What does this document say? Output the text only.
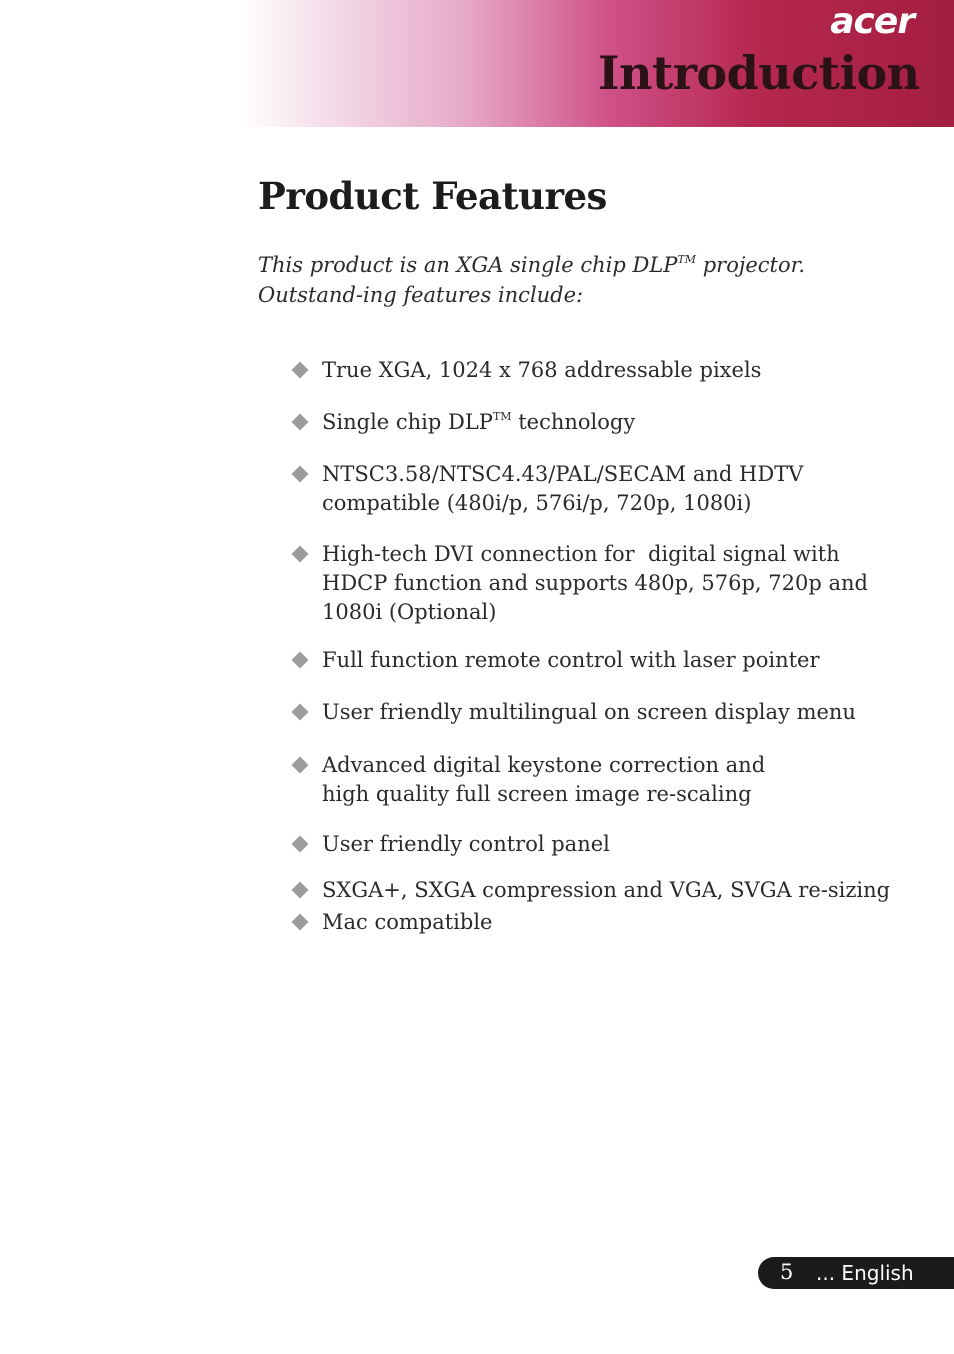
acer
Introduction
Product Features

This product is an XGA single chip DLP™ projector. Outstand-ing features include:

True XGA, 1024 x 768 addressable pixels
Single chip DLP™ technology
NTSC3.58/NTSC4.43/PAL/SECAM and HDTV compatible (480i/p, 576i/p, 720p, 1080i)
High-tech DVI connection for  digital signal with HDCP function and supports 480p, 576p, 720p and 1080i (Optional)
Full function remote control with laser pointer
User friendly multilingual on screen display menu
Advanced digital keystone correction and high quality full screen image re-scaling
User friendly control panel
SXGA+, SXGA compression and VGA, SVGA re-sizing
Mac compatible
5 ... English
